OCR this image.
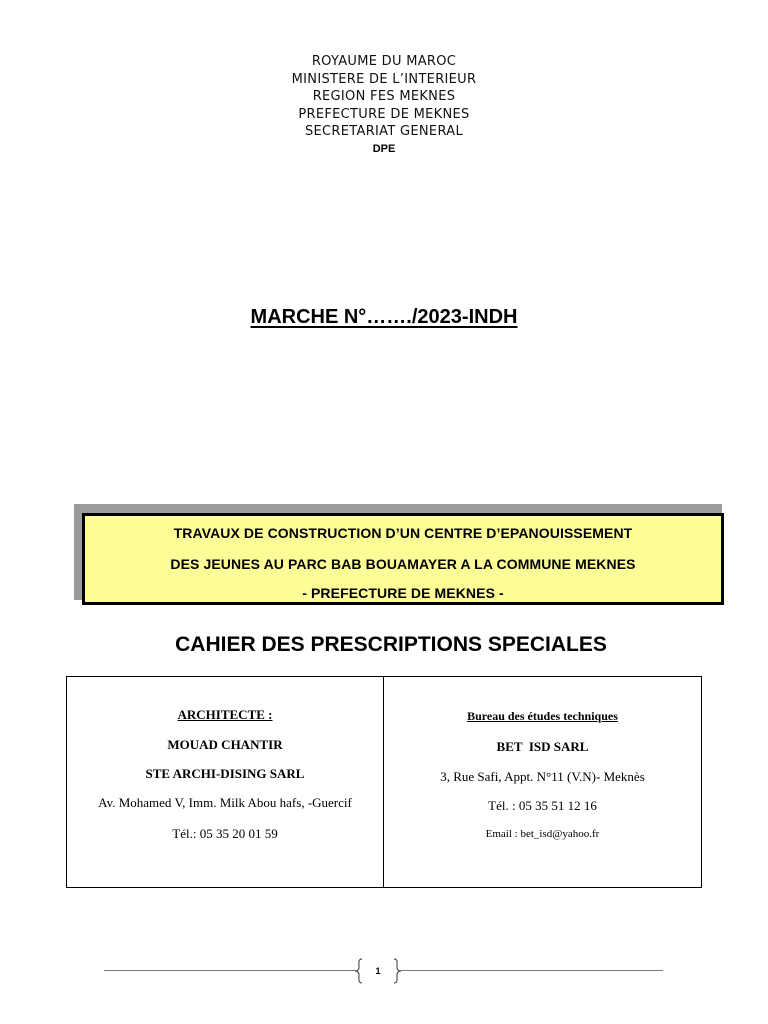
ROYAUME DU MAROC
MINISTERE DE L’INTERIEUR
REGION FES MEKNES
PREFECTURE DE MEKNES
SECRETARIAT GENERAL
DPE
MARCHE N°……./2023-INDH
TRAVAUX DE CONSTRUCTION D’UN CENTRE D’EPANOUISSEMENT
DES JEUNES AU PARC BAB BOUAMAYER A LA COMMUNE MEKNES
- PREFECTURE DE MEKNES -
CAHIER DES PRESCRIPTIONS SPECIALES
ARCHITECTE :
MOUAD CHANTIR
STE ARCHI-DISING SARL
Av. Mohamed V, Imm. Milk Abou hafs, -Guercif
Tél.: 05 35 20 01 59
Bureau des études techniques
BET  ISD SARL
3, Rue Safi, Appt. N°11 (V.N)- Meknès
Tél. : 05 35 51 12 16
Email : bet_isd@yahoo.fr
1
